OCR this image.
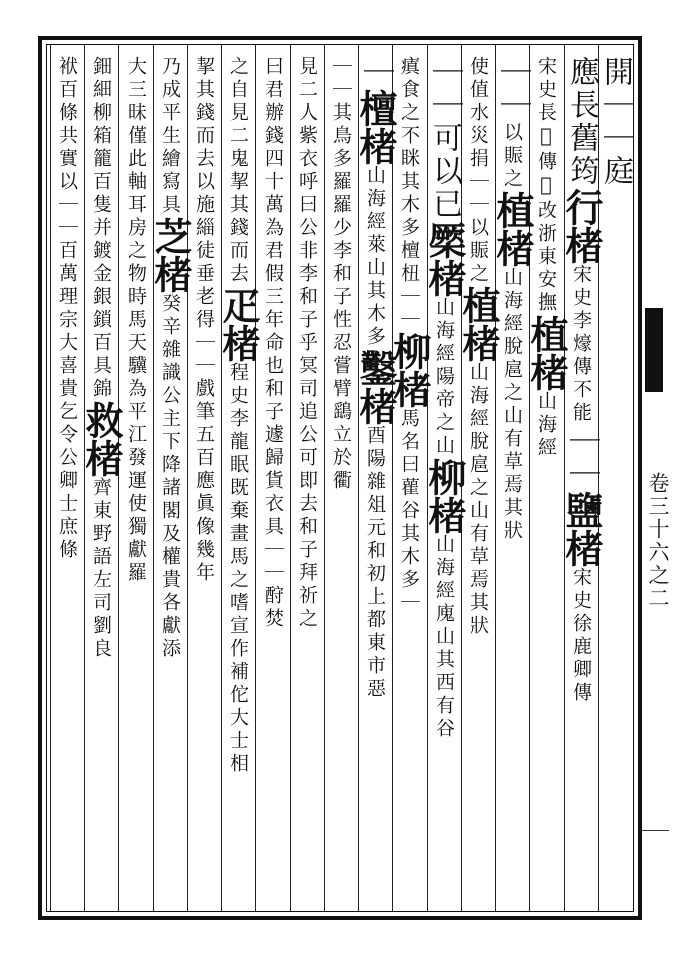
開｜｜庭
應長舊筠行楮宋史李𤐶傳不能｜｜鹽楮宋史徐鹿卿傳
宋史長𣓨傳𣓨改浙東安撫植楮山海經
｜｜以賑之植楮山海經脫扈之山有草焉其狀
使值水災捐｜｜以賑之植楮山海經脫扈之山有草焉其狀
｜｜可以已橜楮山海經陽帝之山柳楮山海經廆山其西有谷
瘨食之不眯其木多檀杻｜｜柳楮馬名曰雚谷其木多｜
｜檀楮山海經萊山其木多鑿楮酉陽雜俎元和初上都東市惡
｜｜其鳥多羅羅少李和子性忍嘗臂鷂立於衢
見二人紫衣呼曰公非李和子乎冥司追公可即去和子拜祈之
曰君辦錢四十萬為君假三年命也和子遽歸貨衣具｜｜酧焚
之自見二鬼挈其錢而去疋楮程史李龍眠既棄畫馬之嗜宣作補佗大士相
挈其錢而去以施緇徒垂老得｜｜戲筆五百應眞像幾年
乃成平生繪寫具芝楮癸辛雜識公主下降諸閣及權貴各獻添
大三昧僅此軸耳房之物時馬天驥為平江發運使獨獻羅
鈿細柳箱籠百隻并鍍金銀鎖百具錦救楮齊東野語左司劉良
袱百條共實以｜｜百萬理宗大喜貴乞令公卿士庶條	卷三十六之二
